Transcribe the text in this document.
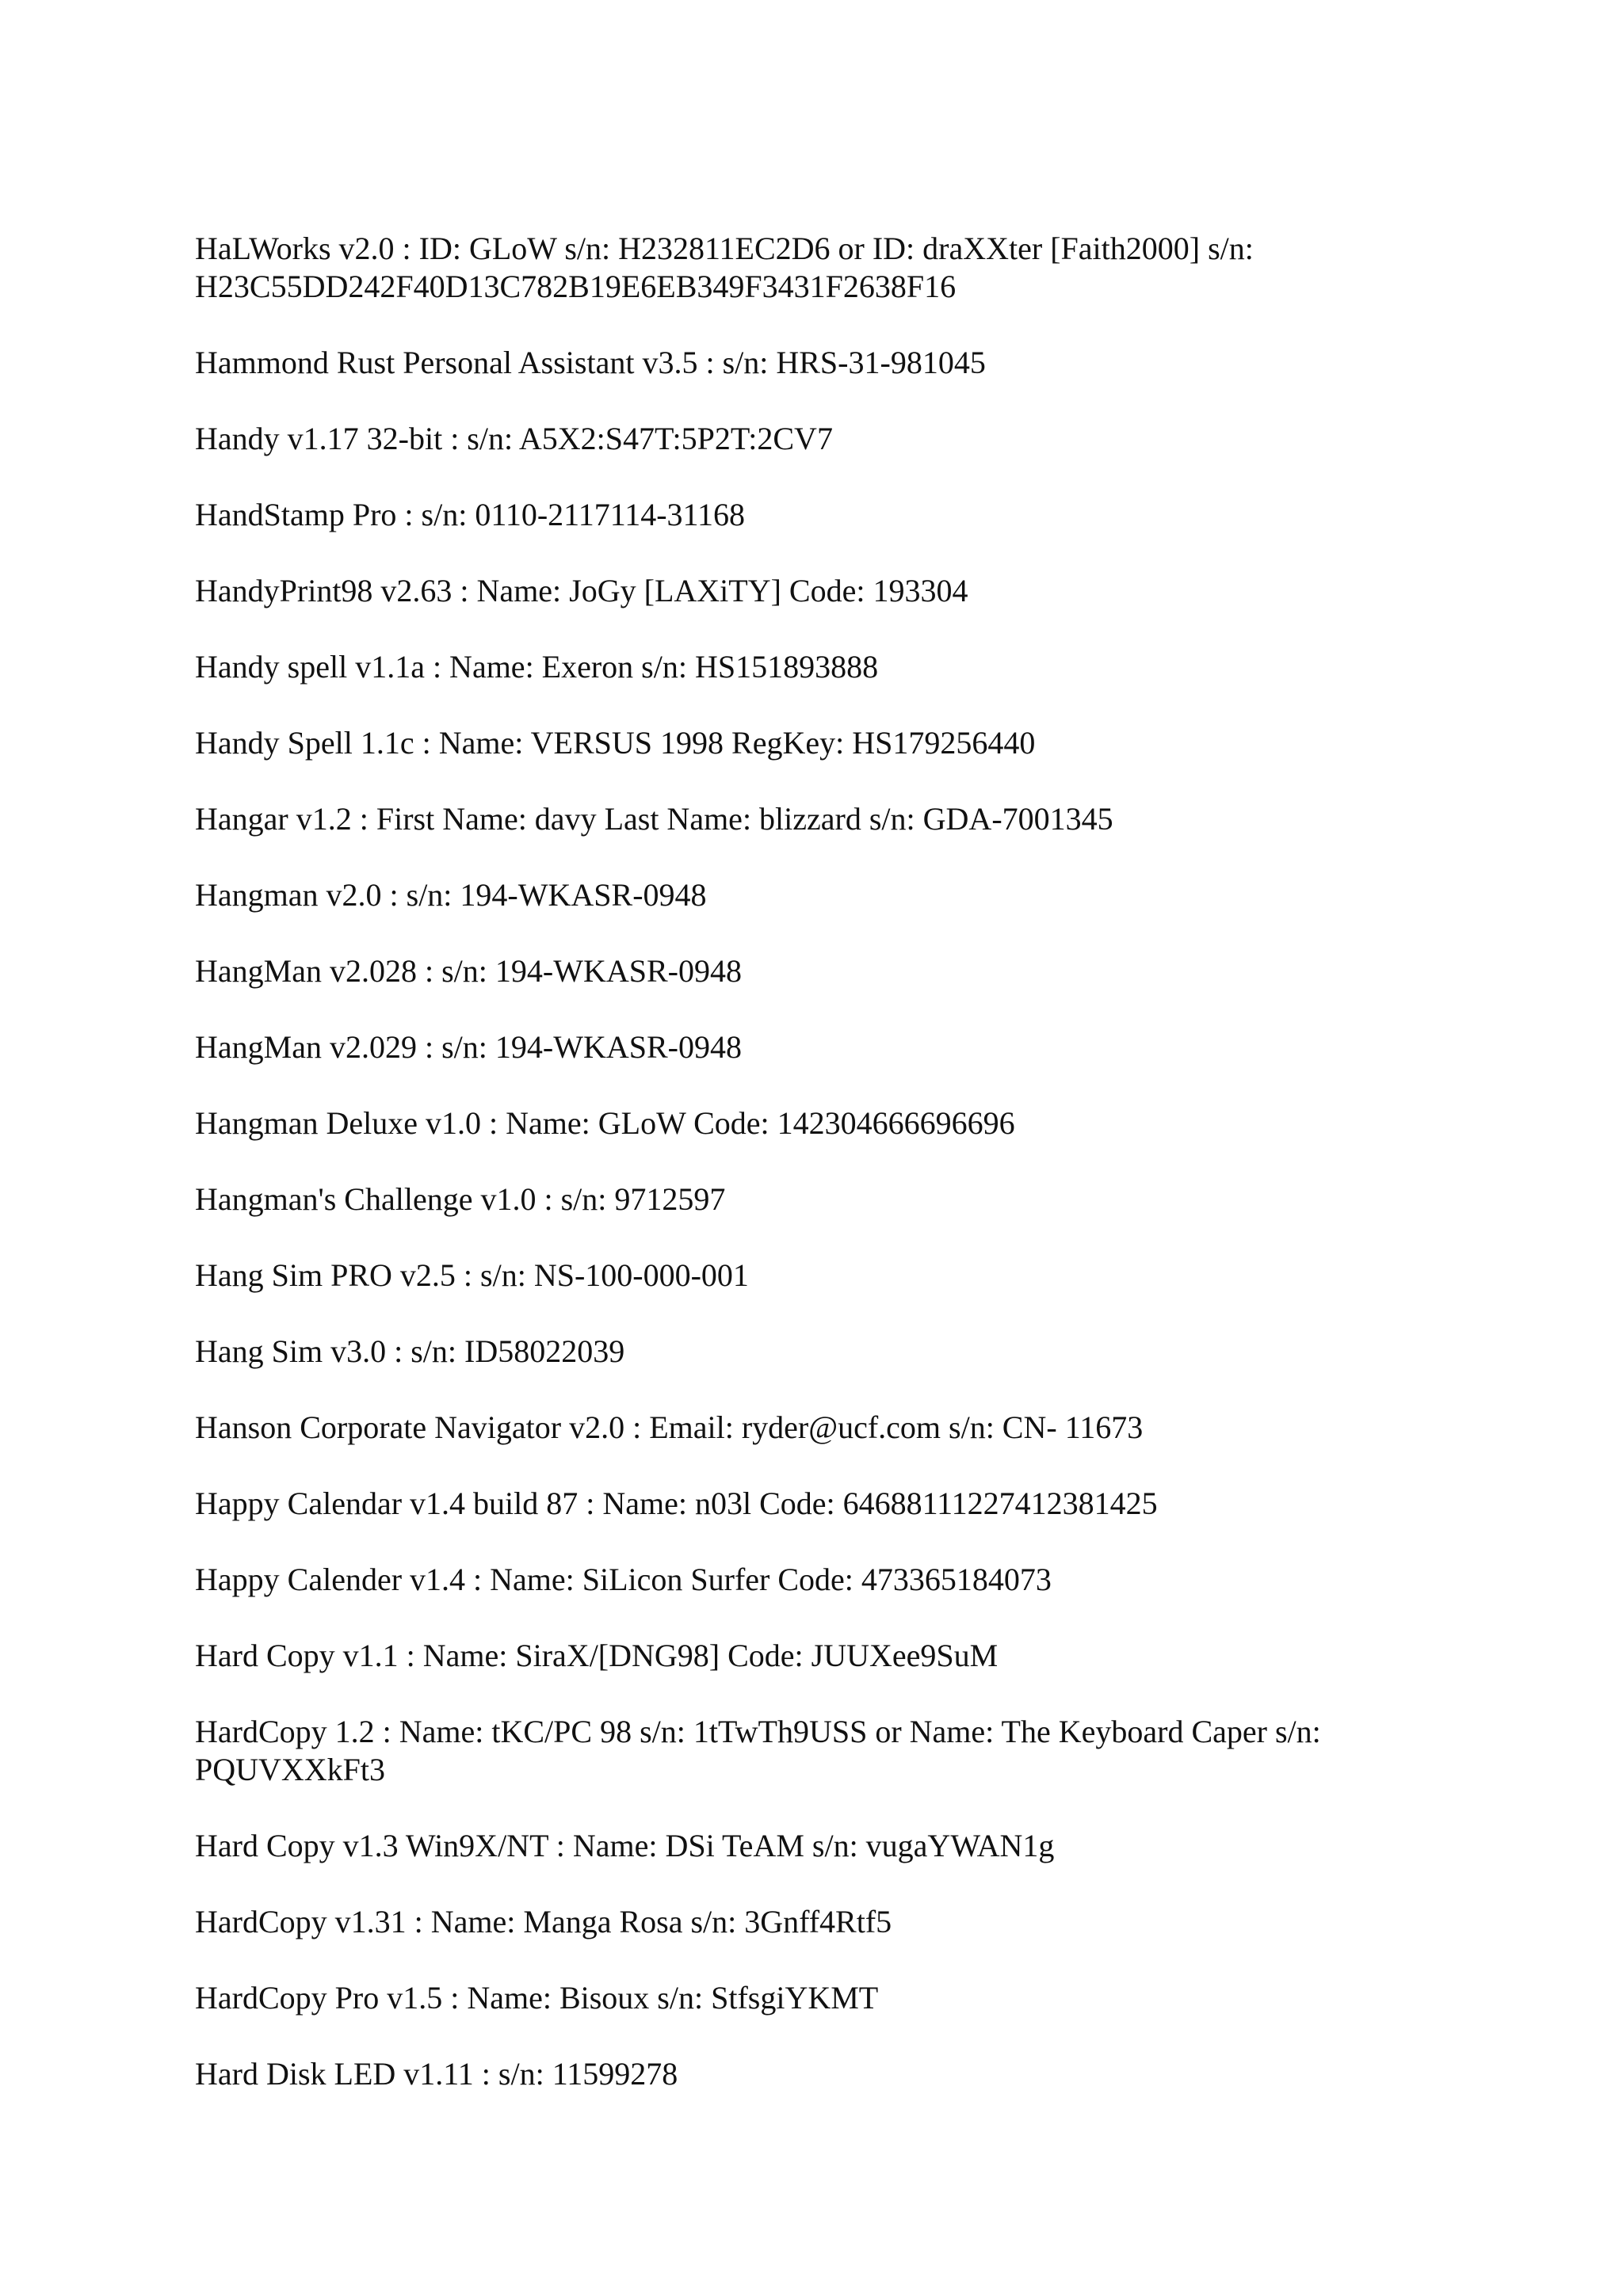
HaLWorks v2.0 : ID: GLoW s/n: H232811EC2D6 or ID: draXXter [Faith2000] s/n: H23C55DD242F40D13C782B19E6EB349F3431F2638F16

Hammond Rust Personal Assistant v3.5 : s/n: HRS-31-981045

Handy v1.17 32-bit : s/n: A5X2:S47T:5P2T:2CV7

HandStamp Pro : s/n: 0110-2117114-31168

HandyPrint98 v2.63 : Name: JoGy [LAXiTY] Code: 193304

Handy spell v1.1a : Name: Exeron s/n: HS151893888

Handy Spell 1.1c : Name: VERSUS 1998 RegKey: HS179256440

Hangar v1.2 : First Name: davy Last Name: blizzard s/n: GDA-7001345

Hangman v2.0 : s/n: 194-WKASR-0948

HangMan v2.028 : s/n: 194-WKASR-0948

HangMan v2.029 : s/n: 194-WKASR-0948

Hangman Deluxe v1.0 : Name: GLoW Code: 142304666696696

Hangman's Challenge v1.0 : s/n: 9712597

Hang Sim PRO v2.5 : s/n: NS-100-000-001

Hang Sim v3.0 : s/n: ID58022039

Hanson Corporate Navigator v2.0 : Email: ryder@ucf.com s/n: CN- 11673

Happy Calendar v1.4 build 87 : Name: n03l Code: 64688111227412381425

Happy Calender v1.4 : Name: SiLicon Surfer Code: 473365184073

Hard Copy v1.1 : Name: SiraX/[DNG98] Code: JUUXee9SuM

HardCopy 1.2 : Name: tKC/PC 98 s/n: 1tTwTh9USS or Name: The Keyboard Caper s/n: PQUVXXkFt3

Hard Copy v1.3 Win9X/NT : Name: DSi TeAM s/n: vugaYWAN1g

HardCopy v1.31 : Name: Manga Rosa s/n: 3Gnff4Rtf5

HardCopy Pro v1.5 : Name: Bisoux s/n: StfsgiYKMT

Hard Disk LED v1.11 : s/n: 11599278
